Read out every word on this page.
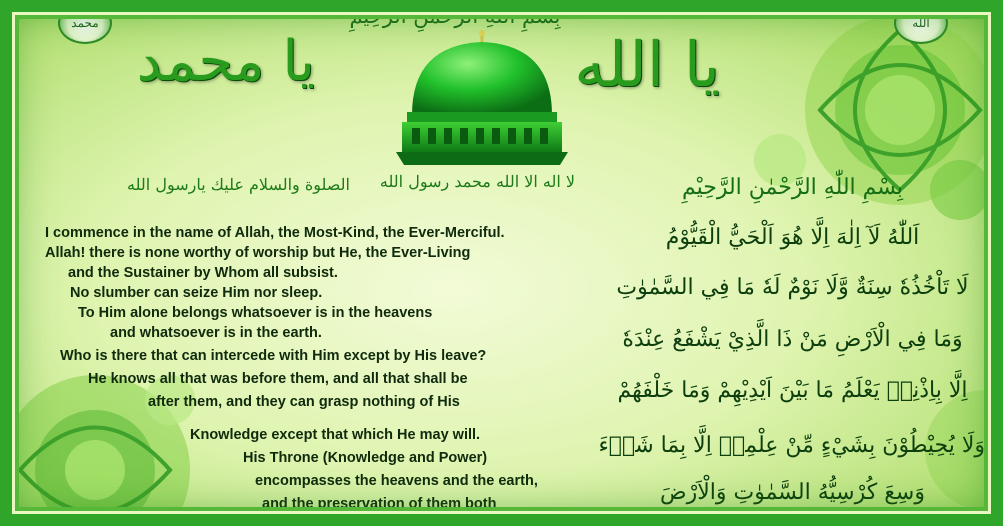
بِسْمِ اللّٰهِ الرَّحْمٰنِ الرَّحِيْمِ
محمد	الله
يا محمد	يا الله
الصلوة والسلام عليك يارسول الله لا اله الا الله محمد رسول الله
I commence in the name of Allah, the Most-Kind, the Ever-Merciful.
Allah! there is none worthy of worship but He, the Ever-Living
and the Sustainer by Whom all subsist.
No slumber can seize Him nor sleep.
To Him alone belongs whatsoever is in the heavens
and whatsoever is in the earth.
Who is there that can intercede with Him except by His leave?
He knows all that was before them, and all that shall be
after them, and they can grasp nothing of His
Knowledge except that which He may will.
His Throne (Knowledge and Power)
encompasses the heavens and the earth,
and the preservation of them both
بِسْمِ اللّٰهِ الرَّحْمٰنِ الرَّحِيْمِ
اَللّٰهُ لَآ اِلٰهَ اِلَّا هُوَ اَلْحَيُّ الْقَيُّوْمُ
لَا تَاْخُذُهٗ سِنَةٌ وَّلَا نَوْمٌ لَهٗ مَا فِي السَّمٰوٰتِ
وَمَا فِي الْاَرْضِ مَنْ ذَا الَّذِيْ يَشْفَعُ عِنْدَهٗ
اِلَّا بِاِذْنِهٖ يَعْلَمُ مَا بَيْنَ اَيْدِيْهِمْ وَمَا خَلْفَهُمْ
وَلَا يُحِيْطُوْنَ بِشَيْءٍ مِّنْ عِلْمِهٖ اِلَّا بِمَا شَاۗءَ
وَسِعَ كُرْسِيُّهُ السَّمٰوٰتِ وَالْاَرْضَ
